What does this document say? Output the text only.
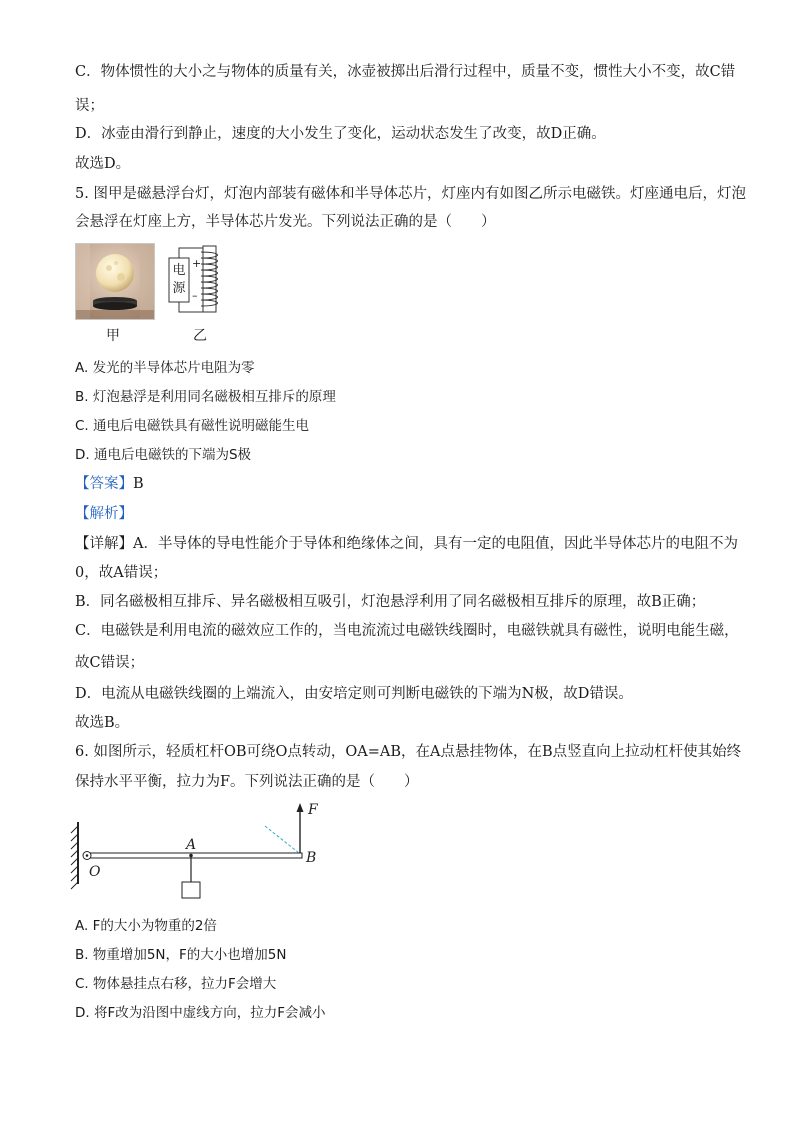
C．物体惯性的大小之与物体的质量有关，冰壶被掷出后滑行过程中，质量不变，惯性大小不变，故C错
误；
D．冰壶由滑行到静止，速度的大小发生了变化，运动状态发生了改变，故D正确。
故选D。
5. 图甲是磁悬浮台灯，灯泡内部装有磁体和半导体芯片，灯座内有如图乙所示电磁铁。灯座通电后，灯泡
会悬浮在灯座上方，半导体芯片发光。下列说法正确的是（　　）
电
源
+
–
甲	乙
A. 发光的半导体芯片电阻为零
B. 灯泡悬浮是利用同名磁极相互排斥的原理
C. 通电后电磁铁具有磁性说明磁能生电
D. 通电后电磁铁的下端为S极
【答案】B
【解析】
【详解】A．半导体的导电性能介于导体和绝缘体之间，具有一定的电阻值，因此半导体芯片的电阻不为
0，故A错误；
B．同名磁极相互排斥、异名磁极相互吸引，灯泡悬浮利用了同名磁极相互排斥的原理，故B正确；
C．电磁铁是利用电流的磁效应工作的，当电流流过电磁铁线圈时，电磁铁就具有磁性，说明电能生磁，
故C错误；
D．电流从电磁铁线圈的上端流入，由安培定则可判断电磁铁的下端为N极，故D错误。
故选B。
6. 如图所示，轻质杠杆OB可绕O点转动，OA=AB，在A点悬挂物体，在B点竖直向上拉动杠杆使其始终
保持水平平衡，拉力为F。下列说法正确的是（　　）
F
A
O
B
A. F的大小为物重的2倍
B. 物重增加5N，F的大小也增加5N
C. 物体悬挂点右移，拉力F会增大
D. 将F改为沿图中虚线方向，拉力F会减小
